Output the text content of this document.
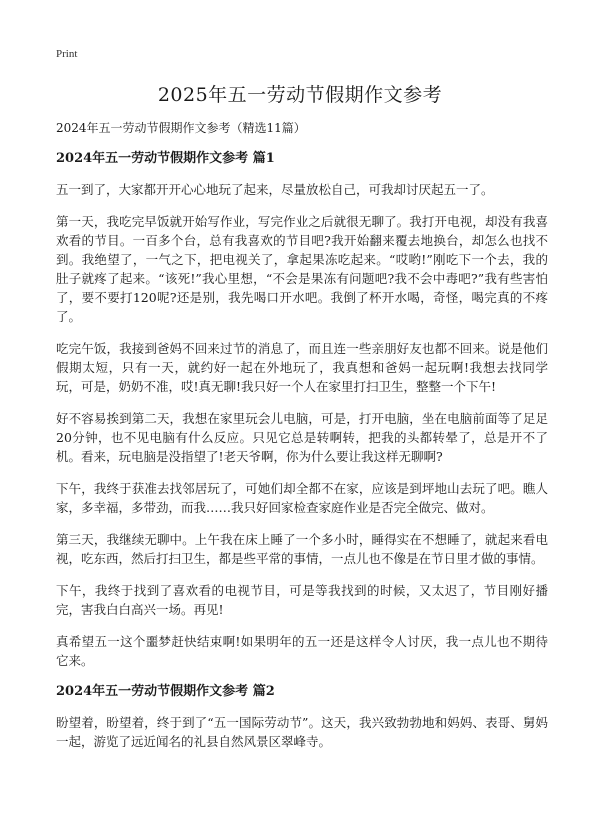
Print
2025年五一劳动节假期作文参考

2024年五一劳动节假期作文参考（精选11篇）

2024年五一劳动节假期作文参考 篇1

五一到了，大家都开开心心地玩了起来，尽量放松自己，可我却讨厌起五一了。

第一天，我吃完早饭就开始写作业，写完作业之后就很无聊了。我打开电视，却没有我喜欢看的节目。一百多个台，总有我喜欢的节目吧?我开始翻来覆去地换台，却怎么也找不到。我绝望了，一气之下，把电视关了，拿起果冻吃起来。“哎哟!”刚吃下一个去，我的肚子就疼了起来。“该死!”我心里想，“不会是果冻有问题吧?我不会中毒吧?”我有些害怕了，要不要打120呢?还是别，我先喝口开水吧。我倒了杯开水喝，奇怪，喝完真的不疼了。

吃完午饭，我接到爸妈不回来过节的消息了，而且连一些亲朋好友也都不回来。说是他们假期太短，只有一天，就约好一起在外地玩了，我真想和爸妈一起玩啊!我想去找同学玩，可是，奶奶不准，哎!真无聊!我只好一个人在家里打扫卫生，整整一个下午!

好不容易挨到第二天，我想在家里玩会儿电脑，可是，打开电脑，坐在电脑前面等了足足20分钟，也不见电脑有什么反应。只见它总是转啊转，把我的头都转晕了，总是开不了机。看来，玩电脑是没指望了!老天爷啊，你为什么要让我这样无聊啊?

下午，我终于获准去找邻居玩了，可她们却全都不在家，应该是到坪地山去玩了吧。瞧人家，多幸福，多带劲，而我……我只好回家检查家庭作业是否完全做完、做对。

第三天，我继续无聊中。上午我在床上睡了一个多小时，睡得实在不想睡了，就起来看电视，吃东西，然后打扫卫生，都是些平常的事情，一点儿也不像是在节日里才做的事情。

下午，我终于找到了喜欢看的电视节目，可是等我找到的时候，又太迟了，节目刚好播完，害我白白高兴一场。再见!

真希望五一这个噩梦赶快结束啊!如果明年的五一还是这样令人讨厌，我一点儿也不期待它来。

2024年五一劳动节假期作文参考 篇2

盼望着，盼望着，终于到了“五一国际劳动节”。这天，我兴致勃勃地和妈妈、表哥、舅妈一起，游览了远近闻名的礼县自然风景区翠峰寺。
